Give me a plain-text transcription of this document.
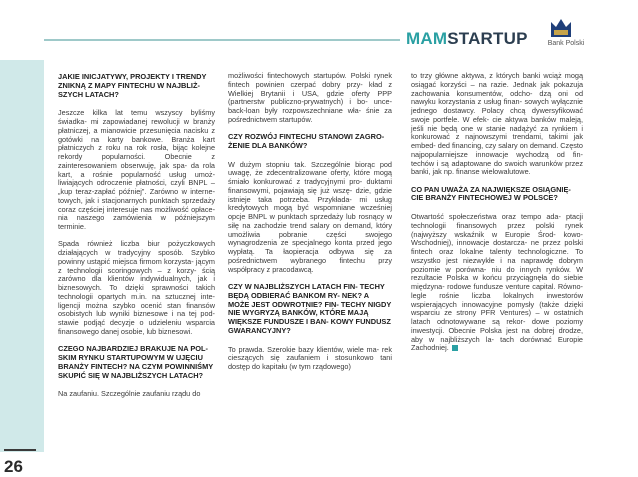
MAMSTARTUP	Bank Polski
26
JAKIE INICJATYWY, PROJEKTY I TRENDY ZNIKNĄ Z MAPY FINTECHU W NAJBLIŻ- SZYCH LATACH?

Jeszcze kilka lat temu wszyscy byliśmy świadka- mi zapowiadanej rewolucji w branży płatniczej, a mianowicie przesunięcia nacisku z gotówki na karty bankowe. Branża kart płatniczych z roku na rok rosła, bijąc kolejne rekordy popularności. Obecnie z zainteresowaniem obserwuję, jak spa- da rola kart, a rośnie popularność usług umoż- liwiających odroczenie płatności, czyli BNPL – „kup teraz-zapłać później”. Zarówno w interne- towych, jak i stacjonarnych punktach sprzedaży coraz częściej interesuje nas możliwość opłace- nia naszego zamówienia w późniejszym terminie.

Spada również liczba biur pożyczkowych działających w tradycyjny sposób. Szybko powinny ustąpić miejsca firmom korzysta- jącym z technologii scoringowych – z korzy- ścią zarówno dla klientów indywidualnych, jak i biznesowych. To dzięki sprawności takich technologii opartych m.in. na sztucznej inte- ligencji można szybko ocenić stan finansów osobistych lub wyniki biznesowe i na tej pod- stawie podjąć decyzje o udzieleniu wsparcia finansowego danej osobie, lub biznesowi.

CZEGO NAJBARDZIEJ BRAKUJE NA POL- SKIM RYNKU STARTUPOWYM W UJĘCIU BRANŻY FINTECH? NA CZYM POWINNIŚMY SKUPIĆ SIĘ W NAJBLIŻSZYCH LATACH?

Na zaufaniu. Szczególnie zaufaniu rządu do

możliwości fintechowych startupów. Polski rynek fintech powinien czerpać dobry przy- kład z Wielkiej Brytanii i USA, gdzie oferty PPP (partnerstw publiczno-prywatnych) i bo- unce-back-loan były rozpowszechniane wła- śnie za pośrednictwem startupów.

CZY ROZWÓJ FINTECHU STANOWI ZAGRO- ŻENIE DLA BANKÓW?

W dużym stopniu tak. Szczególnie biorąc pod uwagę, że zdecentralizowane oferty, które mogą śmiało konkurować z tradycyjnymi pro- duktami finansowymi, pojawiają się już wszę- dzie, gdzie istnieje taka potrzeba. Przykłada- mi usług kredytowych mogą być wspomniane wcześniej opcje BNPL w punktach sprzedaży lub rosnący w siłę na zachodzie trend salary on demand, który umożliwia pobranie części swojego wynagrodzenia ze specjalnego konta przed jego wypłatą. Ta łaopieracja odbywa się za pośrednictwem wybranego fintechu przy współpracy z pracodawcą.

CZY W NAJBLIŻSZYCH LATACH FIN- TECHY BĘDĄ ODBIERAĆ BANKOM RY- NEK? A MOŻE JEST ODWROTNIE? FIN- TECHY NIGDY NIE WYGRYZĄ BANKÓW, KTÓRE MAJĄ WIĘKSZE FUNDUSZE I BAN- KOWY FUNDUSZ GWARANCYJNY?

To prawda. Szerokie bazy klientów, wiele ma- rek cieszących się zaufaniem i stosunkowo tani dostęp do kapitału (w tym rządowego)

to trzy główne aktywa, z których banki wciąż mogą osiągać korzyści – na razie. Jednak jak pokazuja zachowania konsumentów, odcho- dzą oni od nawyku korzystania z usług finan- sowych wyłącznie jednego dostawcy. Polacy chcą dywersyfikować swoje portfele. W efek- cie aktywa banków maleją, jeśli nie będą one w stanie nadążyć za rynkiem i konkurować z najnowszymi trendami, takimi jak embed- ded financing, czy salary on demand. Często najpopularniejsze innowacje wychodzą od fin- techów i są adaptowane do swoich warunków przez banki, jak np. finanse wielowalutowe.

CO PAN UWAŻA ZA NAJWIĘKSZE OSIĄGNIĘ- CIE BRANŻY FINTECHOWEJ W POLSCE?

Otwartość społeczeństwa oraz tempo ada- ptacji technologii finansowych przez polski rynek (najwyższy wskaźnik w Europie Środ- kowo-Wschodniej), innowacje dostarcza- ne przez polski fintech oraz lokalne talenty technologiczne. To wszystko jest niezwykłe i na naprawdę dobrym poziomie w porówna- niu do innych rynków. W rezultacie Polska w końcu przyciągnęła do siebie międzyna- rodowe fundusze venture capital. Równo- legle rośnie liczba lokalnych inwestorów wspierających innowacyjne pomysły (także dzięki wsparciu ze strony PFR Ventures) – w ostatnich latach odnotowywane są rekor- dowe poziomy inwestycji. Obecnie Polska jest na dobrej drodze, aby w najbliższych la- tach dorównać Europie Zachodniej.
